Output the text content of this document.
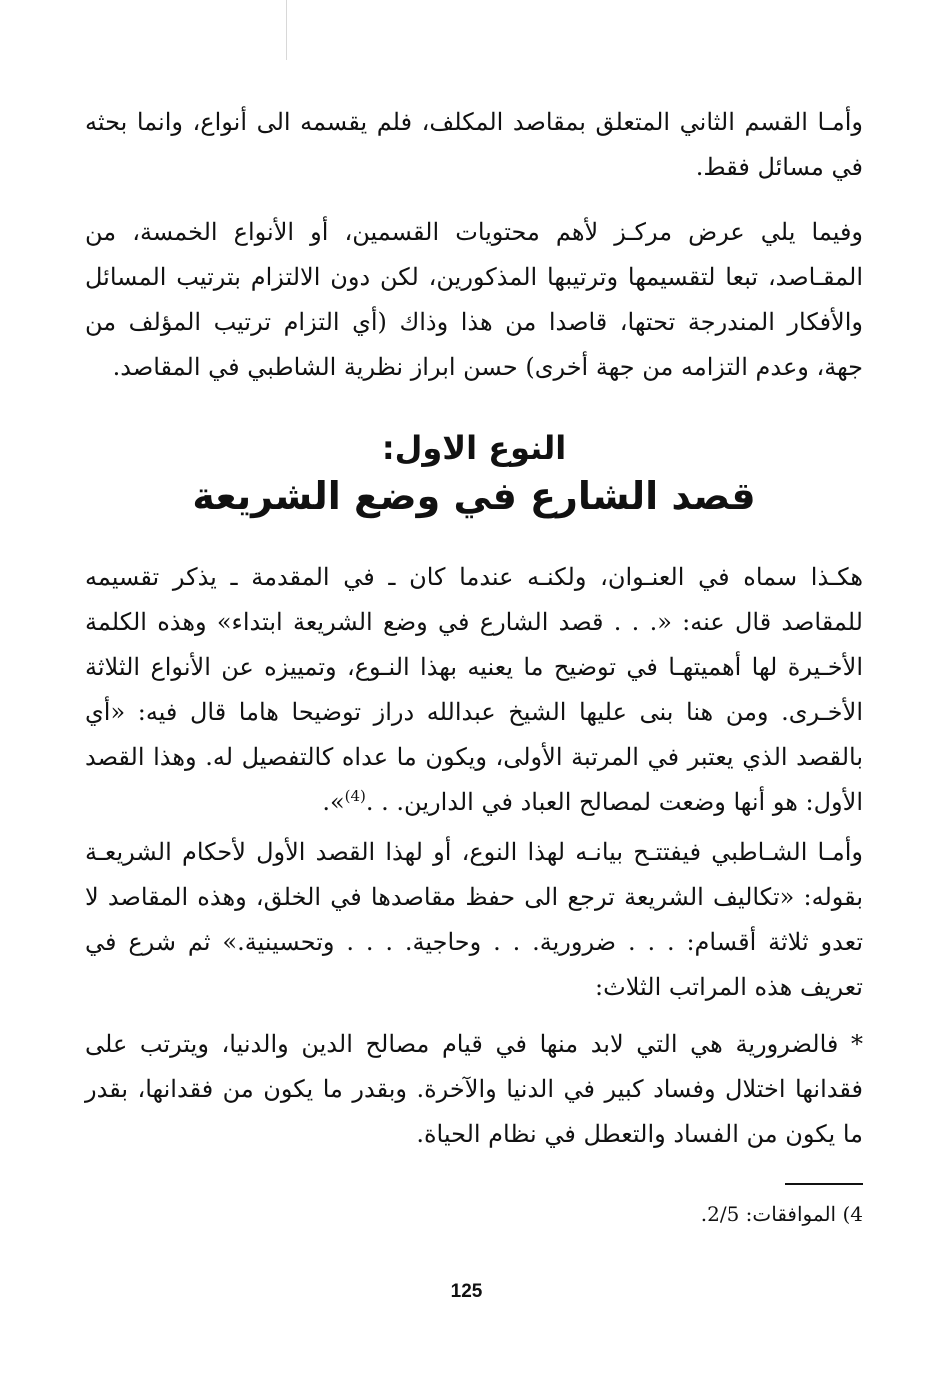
وأمـا القسم الثاني المتعلق بمقاصد المكلف، فلم يقسمه الى أنواع، وانما بحثه في مسائل فقط.

وفيما يلي عرض مركـز لأهم محتويات القسمين، أو الأنواع الخمسة، من المقـاصد، تبعا لتقسيمها وترتيبها المذكورين، لكن دون الالتزام بترتيب المسائل والأفكار المندرجة تحتها، قاصدا من هذا وذاك (أي التزام ترتيب المؤلف من جهة، وعدم التزامه من جهة أخرى) حسن ابراز نظرية الشاطبي في المقاصد.

النوع الاول:
قصد الشارع في وضع الشريعة

هكـذا سماه في العنـوان، ولكنـه عندما كان ـ في المقدمة ـ يذكر تقسيمه للمقاصد قال عنه: «. . . قصد الشارع في وضع الشريعة ابتداء» وهذه الكلمة الأخـيرة لها أهميتهـا في توضيح ما يعنيه بهذا النـوع، وتمييزه عن الأنواع الثلاثة الأخـرى. ومن هنا بنى عليها الشيخ عبدالله دراز توضيحا هاما قال فيه: «أي بالقصد الذي يعتبر في المرتبة الأولى، ويكون ما عداه كالتفصيل له. وهذا القصد الأول: هو أنها وضعت لمصالح العباد في الدارين. . .$^{(4)}$».

وأمـا الشـاطبي فيفتتـح بيانـه لهذا النوع، أو لهذا القصد الأول لأحكام الشريعـة بقوله: «تكاليف الشريعة ترجع الى حفظ مقاصدها في الخلق، وهذه المقاصد لا تعدو ثلاثة أقسام: . . . ضرورية. . . وحاجية. . . . وتحسينية.» ثم شرع في تعريف هذه المراتب الثلاث:

* فالضرورية هي التي لابد منها في قيام مصالح الدين والدنيا، ويترتب على فقدانها اختلال وفساد كبير في الدنيا والآخرة. وبقدر ما يكون من فقدانها، بقدر ما يكون من الفساد والتعطل في نظام الحياة.

4) الموافقات: 2/5.
125
